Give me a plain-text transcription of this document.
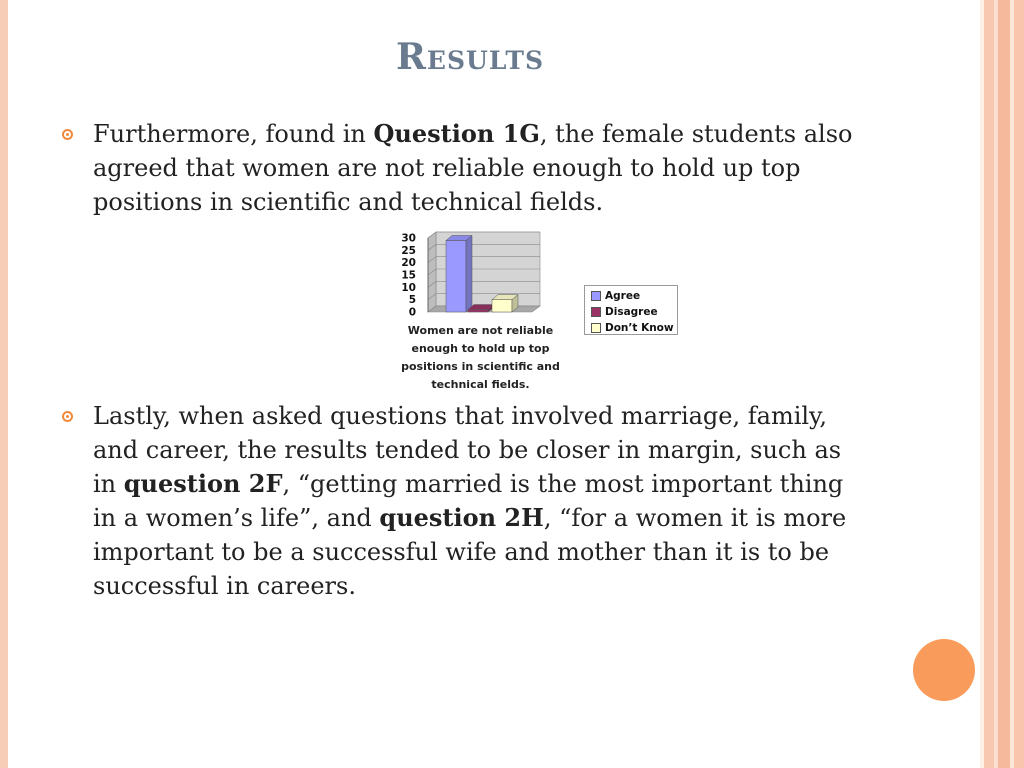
Results

Furthermore, found in Question 1G, the female students also agreed that women are not reliable enough to hold up top positions in scientific and technical fields.

0
5
10
15
20
25
30
Women are not reliable enough to hold up top positions in scientific and technical fields.
Agree
Disagree
Don’t Know

Lastly, when asked questions that involved marriage, family, and career, the results tended to be closer in margin, such as in question 2F, “getting married is the most important thing in a women’s life”, and question 2H, “for a women it is more important to be a successful wife and mother than it is to be successful in careers.
